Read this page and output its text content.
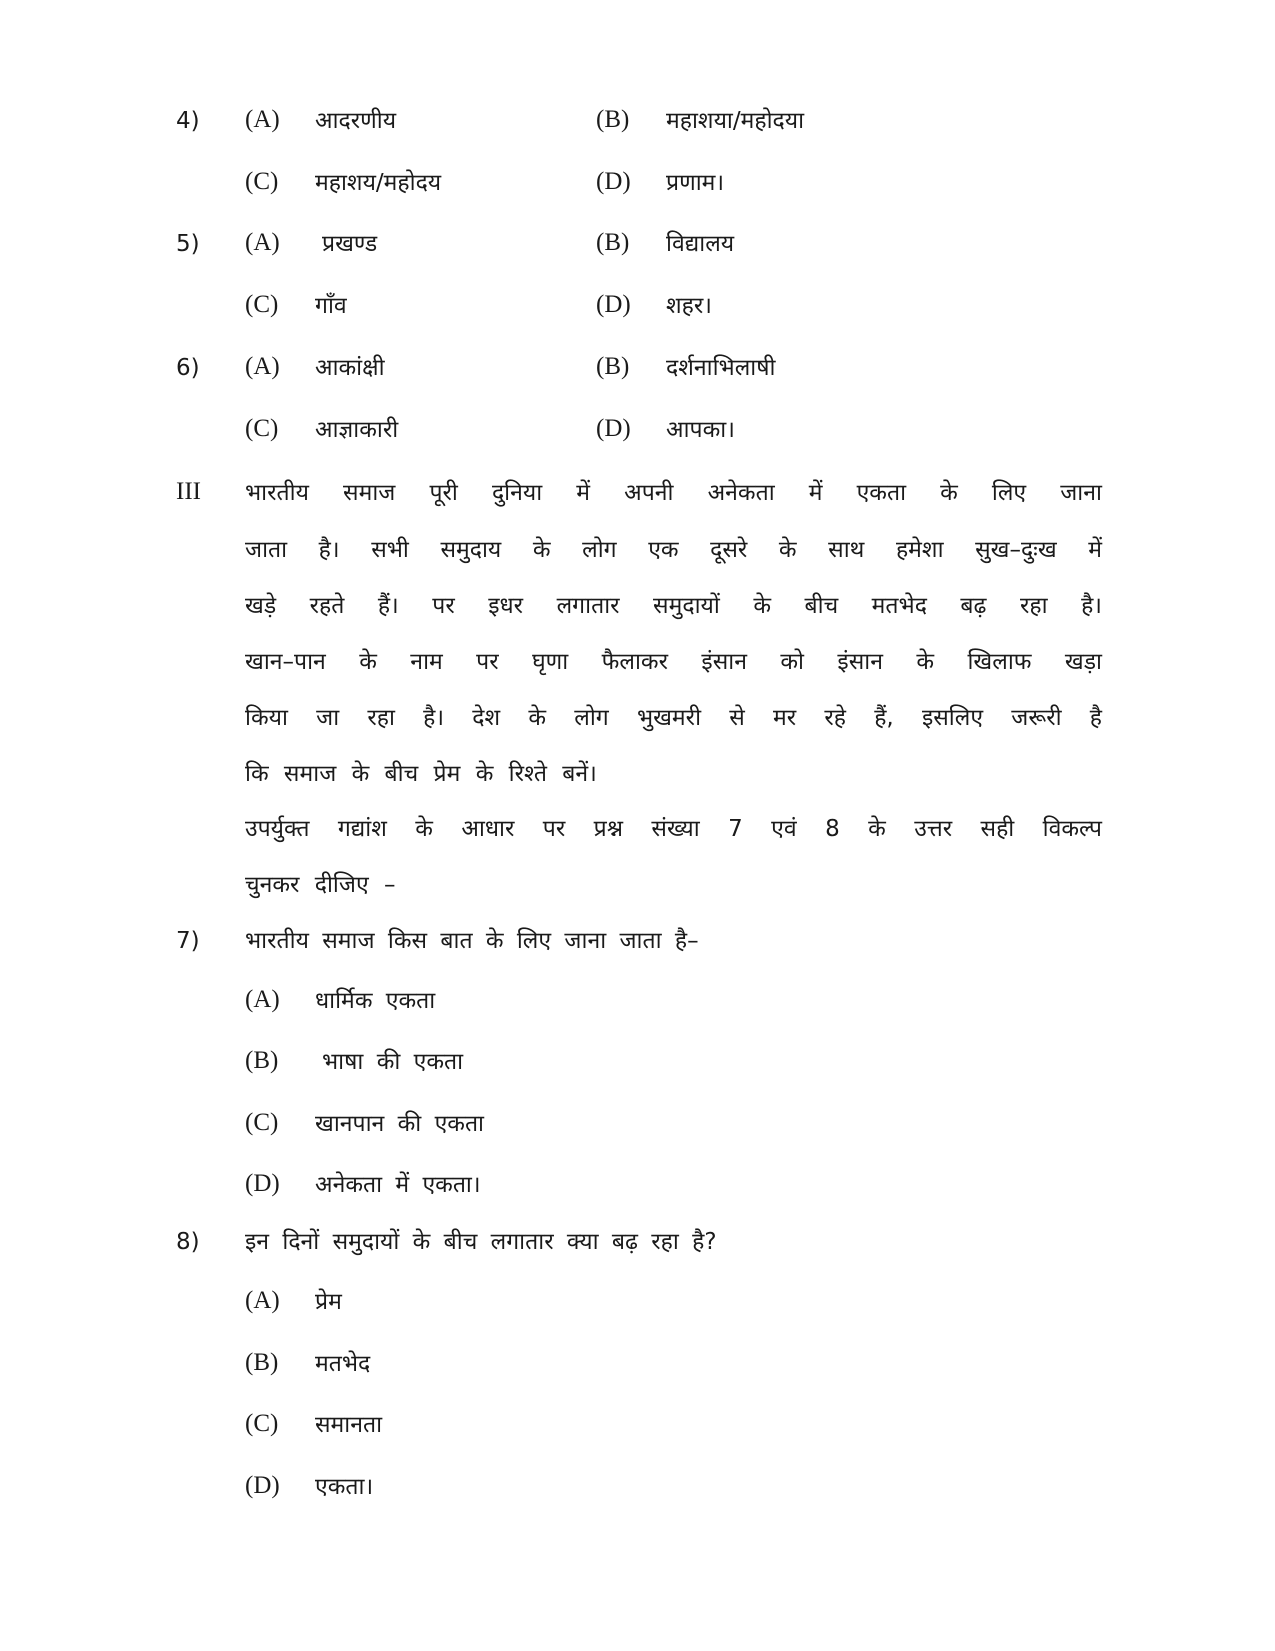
4) (A) आदरणीय	(B) महाशया/महोदया
(C) महाशय/महोदय	(D) प्रणाम।
5) (A) प्रखण्ड	(B) विद्यालय
(C) गाँव	(D) शहर।
6) (A) आकांक्षी	(B) दर्शनाभिलाषी
(C) आज्ञाकारी	(D) आपका।
III भारतीय समाज पूरी दुनिया में अपनी अनेकता में एकता के लिए जाना
जाता है। सभी समुदाय के लोग एक दूसरे के साथ हमेशा सुख–दुःख में
खड़े रहते हैं। पर इधर लगातार समुदायों के बीच मतभेद बढ़ रहा है।
खान–पान के नाम पर घृणा फैलाकर इंसान को इंसान के खिलाफ खड़ा
किया जा रहा है। देश के लोग भुखमरी से मर रहे हैं, इसलिए जरूरी है
कि समाज के बीच प्रेम के रिश्ते बनें।
उपर्युक्त गद्यांश के आधार पर प्रश्न संख्या 7 एवं 8 के उत्तर सही विकल्प
चुनकर दीजिए –
7) भारतीय समाज किस बात के लिए जाना जाता है–
(A) धार्मिक एकता
(B) भाषा की एकता
(C) खानपान की एकता
(D) अनेकता में एकता।
8) इन दिनों समुदायों के बीच लगातार क्या बढ़ रहा है?
(A) प्रेम
(B) मतभेद
(C) समानता
(D) एकता।
